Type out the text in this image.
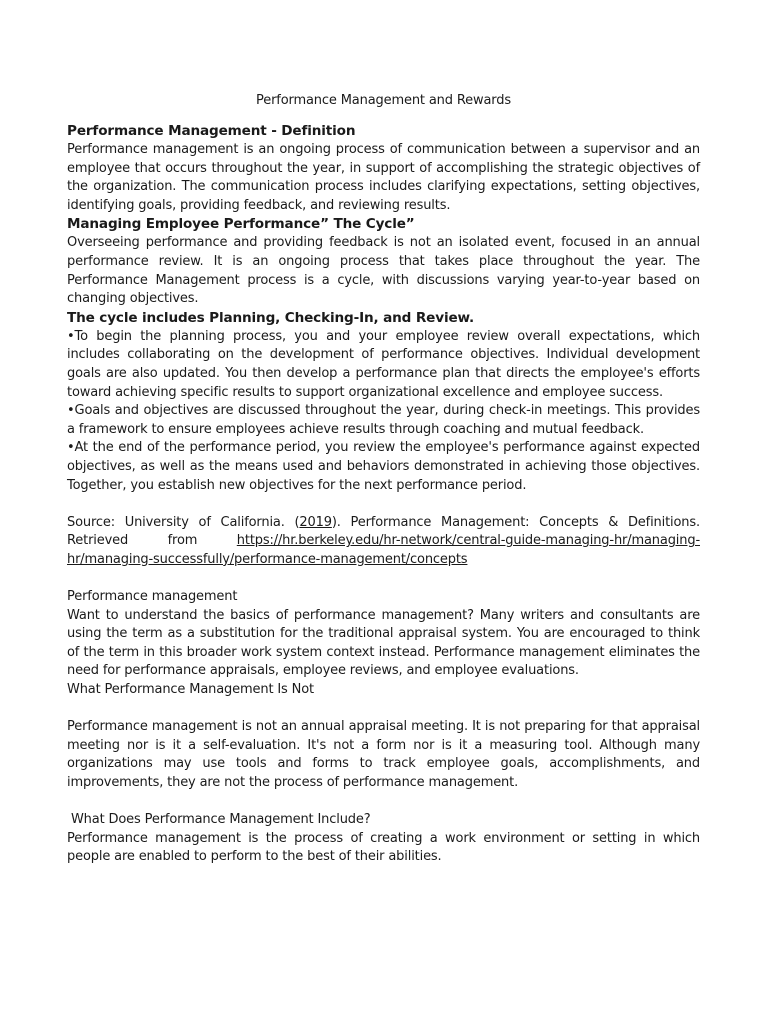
Performance Management and Rewards
Performance Management - Definition

Performance management is an ongoing process of communication between a supervisor and an employee that occurs throughout the year, in support of accomplishing the strategic objectives of the organization. The communication process includes clarifying expectations, setting objectives, identifying goals, providing feedback, and reviewing results.

Managing Employee Performance” The Cycle”

Overseeing performance and providing feedback is not an isolated event, focused in an annual performance review. It is an ongoing process that takes place throughout the year. The Performance Management process is a cycle, with discussions varying year-to-year based on changing objectives.

The cycle includes Planning, Checking-In, and Review.

•To begin the planning process, you and your employee review overall expectations, which includes collaborating on the development of performance objectives. Individual development goals are also updated. You then develop a performance plan that directs the employee's efforts toward achieving specific results to support organizational excellence and employee success.

•Goals and objectives are discussed throughout the year, during check-in meetings. This provides a framework to ensure employees achieve results through coaching and mutual feedback.

•At the end of the performance period, you review the employee's performance against expected objectives, as well as the means used and behaviors demonstrated in achieving those objectives. Together, you establish new objectives for the next performance period.

Source: University of California. (2019). Performance Management: Concepts & Definitions. Retrieved from https://hr.berkeley.edu/hr-network/central-guide-managing-hr/managing-hr/managing-successfully/performance-management/concepts

Performance management

Want to understand the basics of performance management? Many writers and consultants are using the term as a substitution for the traditional appraisal system. You are encouraged to think of the term in this broader work system context instead. Performance management eliminates the need for performance appraisals, employee reviews, and employee evaluations.

What Performance Management Is Not

Performance management is not an annual appraisal meeting. It is not preparing for that appraisal meeting nor is it a self-evaluation. It's not a form nor is it a measuring tool. Although many organizations may use tools and forms to track employee goals, accomplishments, and improvements, they are not the process of performance management.

What Does Performance Management Include?

Performance management is the process of creating a work environment or setting in which people are enabled to perform to the best of their abilities.
